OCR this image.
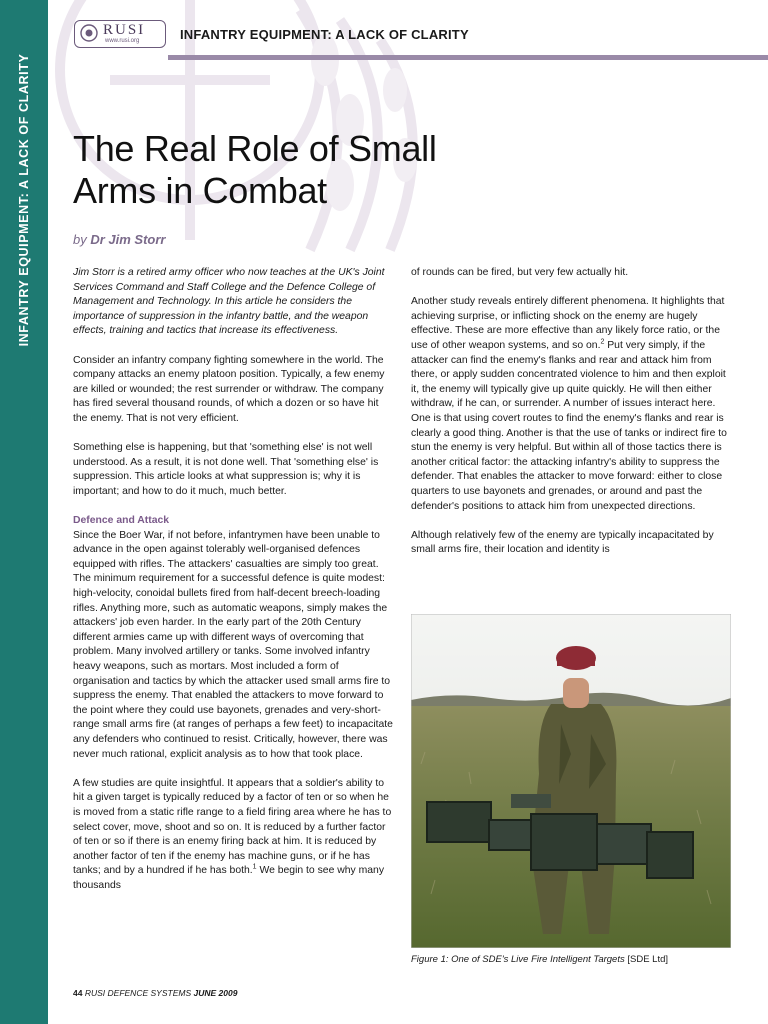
INFANTRY EQUIPMENT: A LACK OF CLARITY
RUSI
www.rusi.org	INFANTRY EQUIPMENT: A LACK OF CLARITY
The Real Role of Small
Arms in Combat
by Dr Jim Storr

Jim Storr is a retired army officer who now teaches at the UK's Joint Services Command and Staff College and the Defence College of Management and Technology. In this article he considers the importance of suppression in the infantry battle, and the weapon effects, training and tactics that increase its effectiveness.

Consider an infantry company fighting somewhere in the world. The company attacks an enemy platoon position. Typically, a few enemy are killed or wounded; the rest surrender or withdraw. The company has fired several thousand rounds, of which a dozen or so have hit the enemy. That is not very efficient.

Something else is happening, but that 'something else' is not well understood. As a result, it is not done well. That 'something else' is suppression. This article looks at what suppression is; why it is important; and how to do it much, much better.

Defence and Attack

Since the Boer War, if not before, infantrymen have been unable to advance in the open against tolerably well-organised defences equipped with rifles. The attackers' casualties are simply too great. The minimum requirement for a successful defence is quite modest: high-velocity, conoidal bullets fired from half-decent breech-loading rifles. Anything more, such as automatic weapons, simply makes the attackers' job even harder. In the early part of the 20th Century different armies came up with different ways of overcoming that problem. Many involved artillery or tanks. Some involved infantry heavy weapons, such as mortars. Most included a form of organisation and tactics by which the attacker used small arms fire to suppress the enemy. That enabled the attackers to move forward to the point where they could use bayonets, grenades and very-short-range small arms fire (at ranges of perhaps a few feet) to incapacitate any defenders who continued to resist. Critically, however, there was never much rational, explicit analysis as to how that took place.

A few studies are quite insightful. It appears that a soldier's ability to hit a given target is typically reduced by a factor of ten or so when he is moved from a static rifle range to a field firing area where he has to select cover, move, shoot and so on. It is reduced by a further factor of ten or so if there is an enemy firing back at him. It is reduced by another factor of ten if the enemy has machine guns, or if he has tanks; and by a hundred if he has both.$^1$ We begin to see why many thousands

of rounds can be fired, but very few actually hit.

Another study reveals entirely different phenomena. It highlights that achieving surprise, or inflicting shock on the enemy are hugely effective. These are more effective than any likely force ratio, or the use of other weapon systems, and so on.$^2$ Put very simply, if the attacker can find the enemy's flanks and rear and attack him from there, or apply sudden concentrated violence to him and then exploit it, the enemy will typically give up quite quickly. He will then either withdraw, if he can, or surrender. A number of issues interact here. One is that using covert routes to find the enemy's flanks and rear is clearly a good thing. Another is that the use of tanks or indirect fire to stun the enemy is very helpful. But within all of those tactics there is another critical factor: the attacking infantry's ability to suppress the defender. That enables the attacker to move forward: either to close quarters to use bayonets and grenades, or around and past the defender's positions to attack him from unexpected directions.

Although relatively few of the enemy are typically incapacitated by small arms fire, their location and identity is

Figure 1: One of SDE's Live Fire Intelligent Targets [SDE Ltd]
44 RUSI DEFENCE SYSTEMS JUNE 2009
